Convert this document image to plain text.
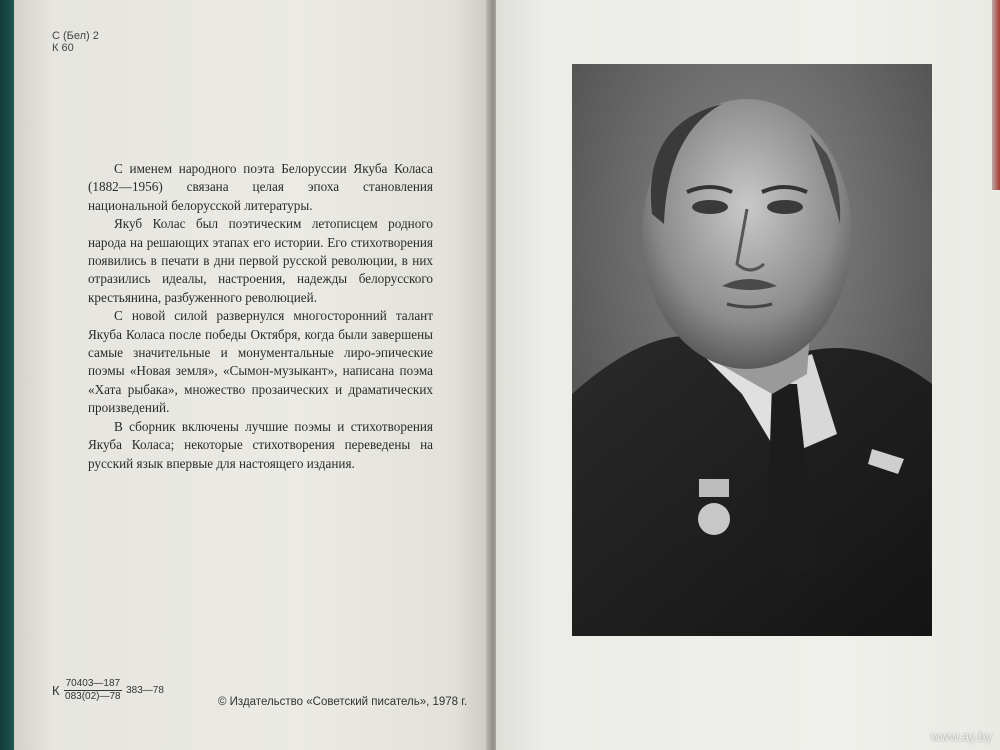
С (Бел) 2
К 60

С именем народного поэта Белоруссии Якуба Коласа (1882—1956) связана целая эпоха становления национальной белорусской литературы.

Якуб Колас был поэтическим летописцем родного народа на решающих этапах его истории. Его стихотворения появились в печати в дни первой русской революции, в них отразились идеалы, настроения, надежды белорусского крестьянина, разбуженного революцией.

С новой силой развернулся многосторонний талант Якуба Коласа после победы Октября, когда были завершены самые значительные и монументальные лиро-эпические поэмы «Новая земля», «Сымон-музыкант», написана поэма «Хата рыбака», множество прозаических и драматических произведений.

В сборник включены лучшие поэмы и стихотворения Якуба Коласа; некоторые стихотворения переведены на русский язык впервые для настоящего издания.

К $\frac{70403—187}{083(02)—78}$ 383—78
© Издательство «Советский писатель», 1978 г.
www.ay.by
